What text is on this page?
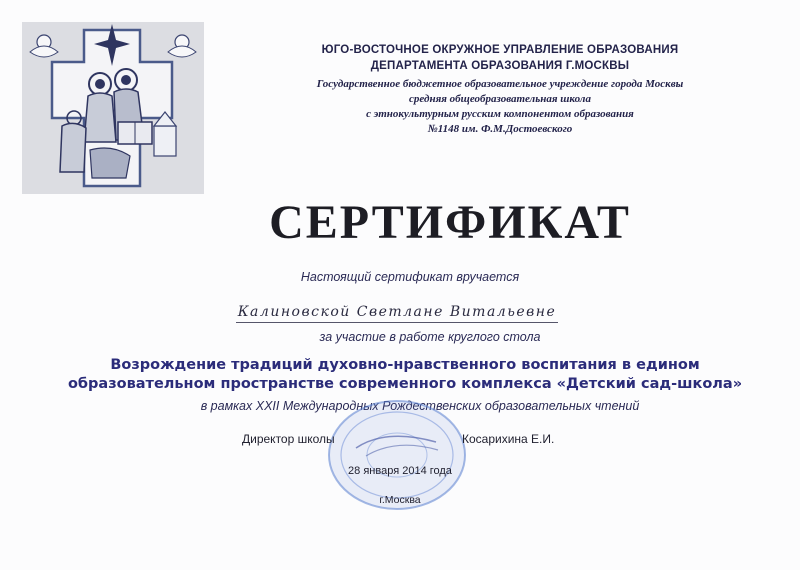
ЮГО-ВОСТОЧНОЕ ОКРУЖНОЕ УПРАВЛЕНИЕ ОБРАЗОВАНИЯ
ДЕПАРТАМЕНТА ОБРАЗОВАНИЯ Г.МОСКВЫ
Государственное бюджетное образовательное учреждение города Москвы
средняя общеобразовательная школа
с этнокультурным русским компонентом образования
№1148 им. Ф.М.Достоевского
СЕРТИФИКАТ
Настоящий сертификат вручается
Калиновской Светлане Витальевне
за участие в работе круглого стола
Возрождение традиций духовно-нравственного воспитания в едином
образовательном пространстве современного комплекса «Детский сад-школа»
в рамках XXII Международных Рождественских образовательных чтений
Директор школы	Косарихина Е.И.
28 января 2014 года
г.Москва
